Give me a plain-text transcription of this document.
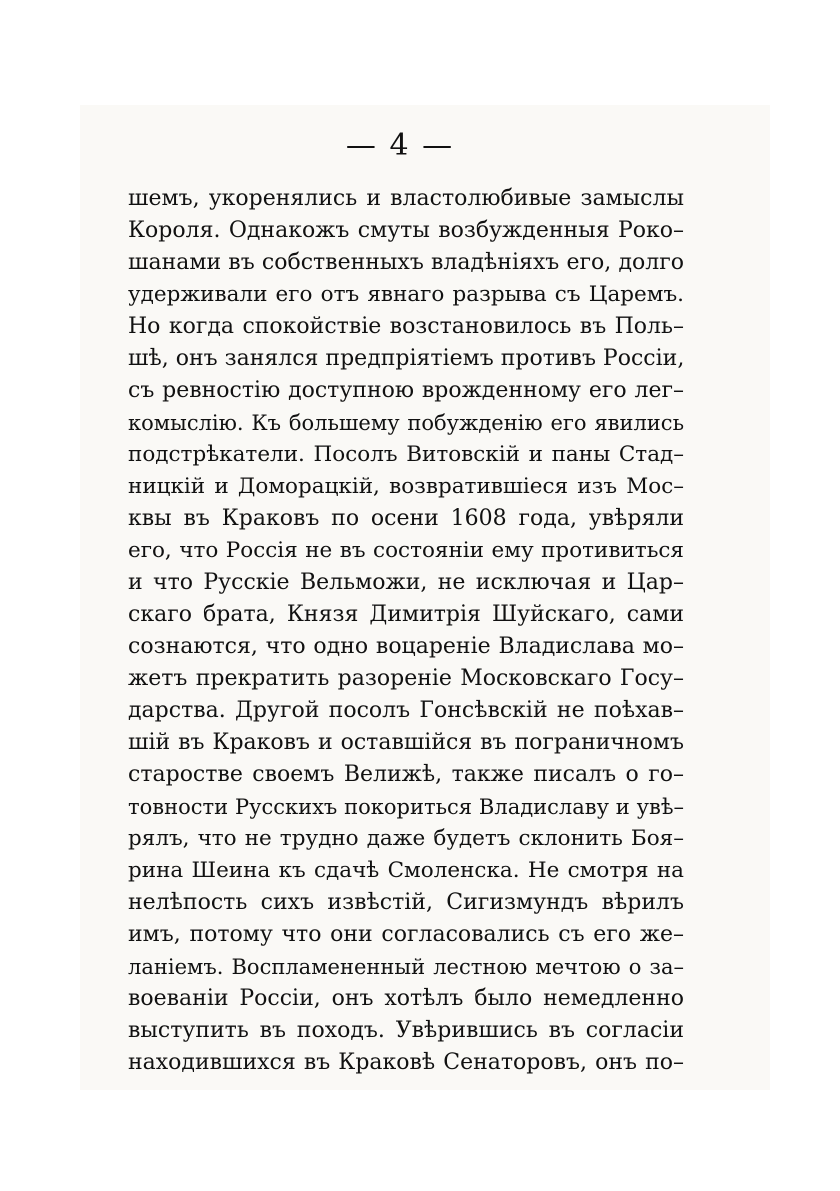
— 4 —
шемъ, укоренялись и властолюбивые замыслы
Короля. Однакожъ смуты возбужденныя Роко–
шанами въ собственныхъ владѣніяхъ его, долго
удерживали его отъ явнаго разрыва съ Царемъ.
Но когда спокойствіе возстановилось въ Поль–
шѣ, онъ занялся предпріятіемъ противъ Россіи,
съ ревностію доступною врожденному его лег–
комыслію. Къ большему побужденію его явились
подстрѣкатели. Посолъ Витовскій и паны Стад–
ницкій и Доморацкій, возвратившіеся изъ Мос–
квы въ Краковъ по осени 1608 года, увѣряли
его, что Россія не въ состояніи ему противиться
и что Русскіе Вельможи, не исключая и Цар–
скаго брата, Князя Димитрія Шуйскаго, сами
сознаются, что одно воцареніе Владислава мо–
жетъ прекратить разореніе Московскаго Госу–
дарства. Другой посолъ Гонсѣвскій не поѣхав–
шій въ Краковъ и оставшійся въ пограничномъ
старостве своемъ Велижѣ, также писалъ о го–
товности Русскихъ покориться Владиславу и увѣ–
рялъ, что не трудно даже будетъ склонить Боя–
рина Шеина къ сдачѣ Смоленска. Не смотря на
нелѣпость сихъ извѣстій, Сигизмундъ вѣрилъ
имъ, потому что они согласовались съ его же–
ланіемъ. Воспламененный лестною мечтою о за–
воеваніи Россіи, онъ хотѣлъ было немедленно
выступить въ походъ. Увѣрившись въ согласіи
находившихся въ Краковѣ Сенаторовъ, онъ по–
